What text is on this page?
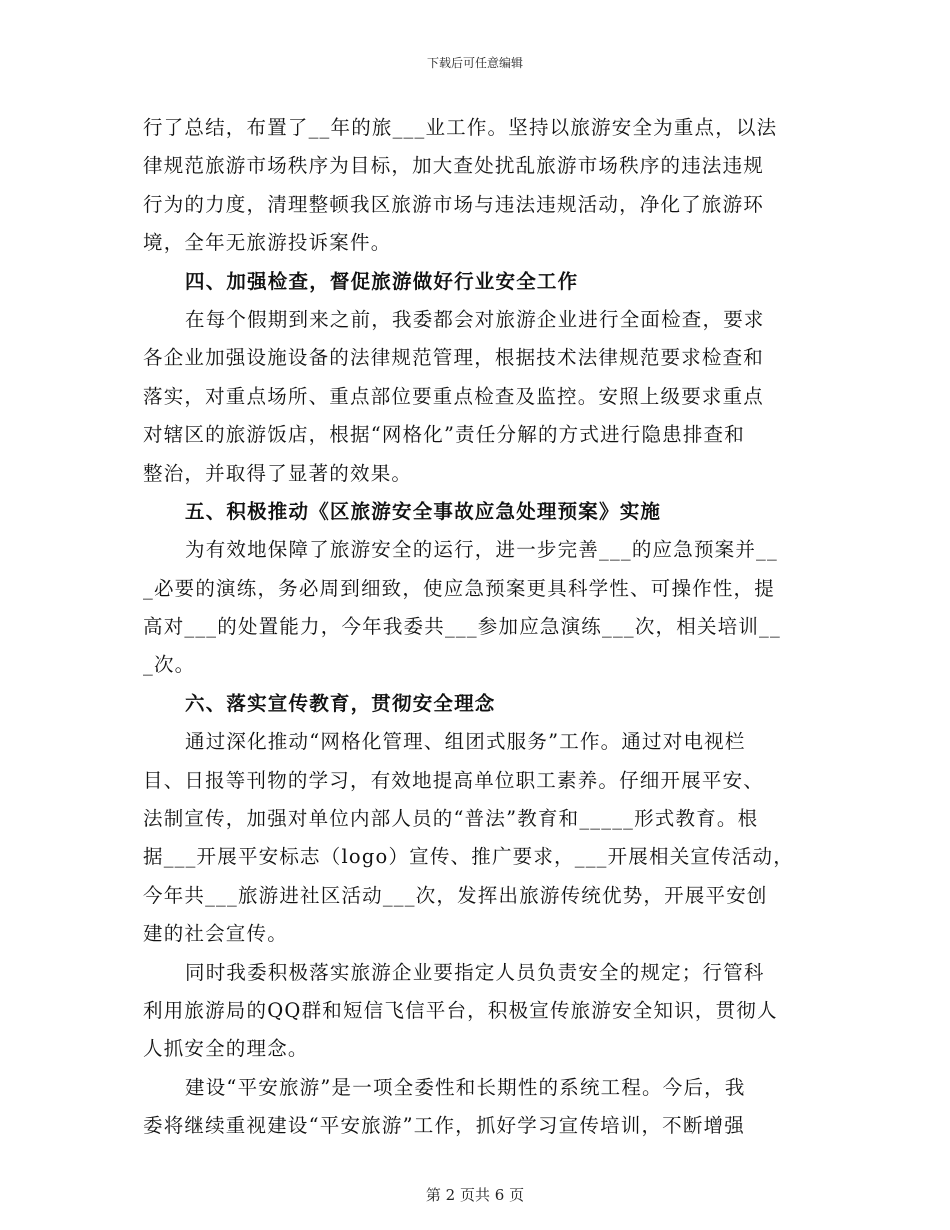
下载后可任意编辑
行了总结，布置了__年的旅___业工作。坚持以旅游安全为重点，以法
律规范旅游市场秩序为目标，加大查处扰乱旅游市场秩序的违法违规
行为的力度，清理整顿我区旅游市场与违法违规活动，净化了旅游环
境，全年无旅游投诉案件。
四、加强检查，督促旅游做好行业安全工作
在每个假期到来之前，我委都会对旅游企业进行全面检查，要求
各企业加强设施设备的法律规范管理，根据技术法律规范要求检查和
落实，对重点场所、重点部位要重点检查及监控。安照上级要求重点
对辖区的旅游饭店，根据“网格化”责任分解的方式进行隐患排查和
整治，并取得了显著的效果。
五、积极推动《区旅游安全事故应急处理预案》实施
为有效地保障了旅游安全的运行，进一步完善___的应急预案并__
_必要的演练，务必周到细致，使应急预案更具科学性、可操作性，提
高对___的处置能力，今年我委共___参加应急演练___次，相关培训__
_次。
六、落实宣传教育，贯彻安全理念
通过深化推动“网格化管理、组团式服务”工作。通过对电视栏
目、日报等刊物的学习，有效地提高单位职工素养。仔细开展平安、
法制宣传，加强对单位内部人员的“普法”教育和_____形式教育。根
据___开展平安标志（logo）宣传、推广要求，___开展相关宣传活动，
今年共___旅游进社区活动___次，发挥出旅游传统优势，开展平安创
建的社会宣传。
同时我委积极落实旅游企业要指定人员负责安全的规定；行管科
利用旅游局的QQ群和短信飞信平台，积极宣传旅游安全知识，贯彻人
人抓安全的理念。
建设“平安旅游”是一项全委性和长期性的系统工程。今后，我
委将继续重视建设“平安旅游”工作，抓好学习宣传培训，不断增强
第 2 页共 6 页
